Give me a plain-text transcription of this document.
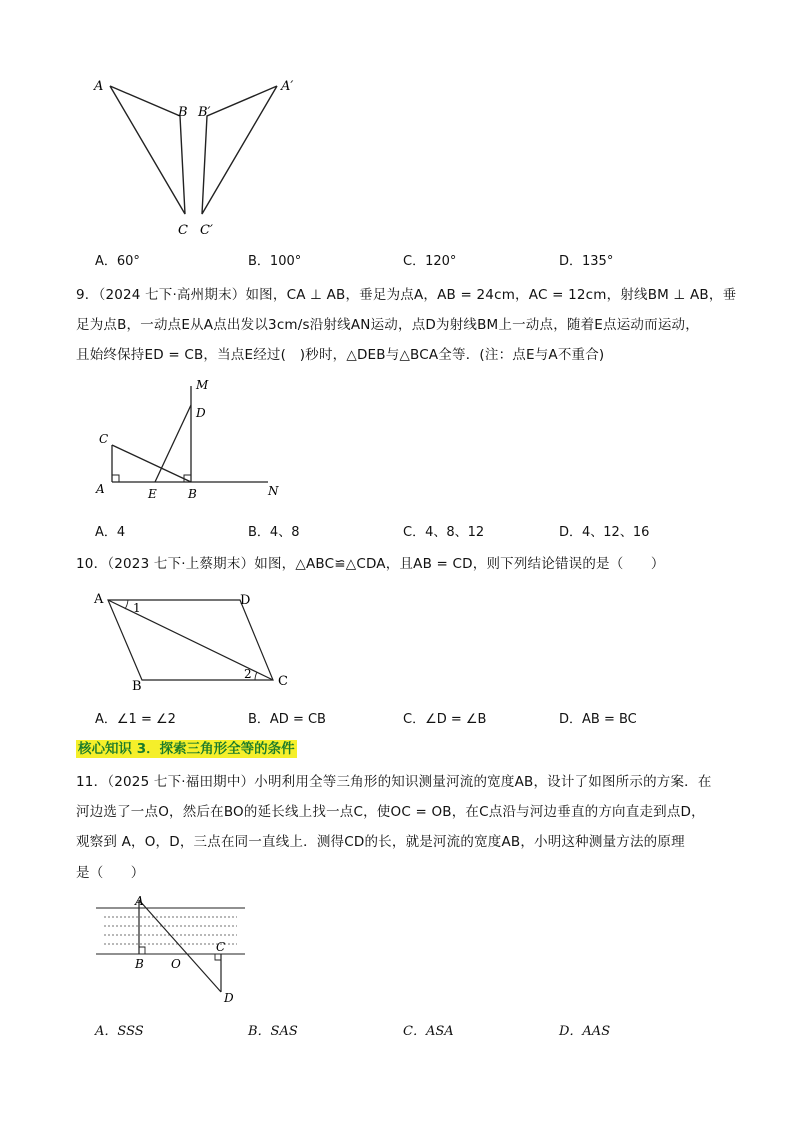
A
B B′
A′
C C′
A．60°	B．100°	C．120°	D．135°
9．（2024 七下·高州期末）如图，CA ⊥ AB，垂足为点A，AB = 24cm，AC = 12cm，射线BM ⊥ AB，垂
足为点B，一动点E从A点出发以3cm/s沿射线AN运动，点D为射线BM上一动点，随着E点运动而运动，
且始终保持ED = CB，当点E经过(　)秒时，△DEB与△BCA全等．(注：点E与A不重合)
M
D
C
A	E	B	N
A．4	B．4、8	C．4、8、12	D．4、12、16
10．（2023 七下·上蔡期末）如图，△ABC≌△CDA，且AB = CD，则下列结论错误的是（　　）
A	D
1
B
2 C
A．∠1 = ∠2	B．AD = CB	C．∠D = ∠B	D．AB = BC
核心知识 3．探索三角形全等的条件
11．（2025 七下·福田期中）小明利用全等三角形的知识测量河流的宽度AB，设计了如图所示的方案．在
河边选了一点O，然后在BO的延长线上找一点C，使OC = OB，在C点沿与河边垂直的方向直走到点D，
观察到 A，O，D，三点在同一直线上．测得CD的长，就是河流的宽度AB，小明这种测量方法的原理
是（　　）
A
C
B O
D
A．SSS	B．SAS	C．ASA	D．AAS
